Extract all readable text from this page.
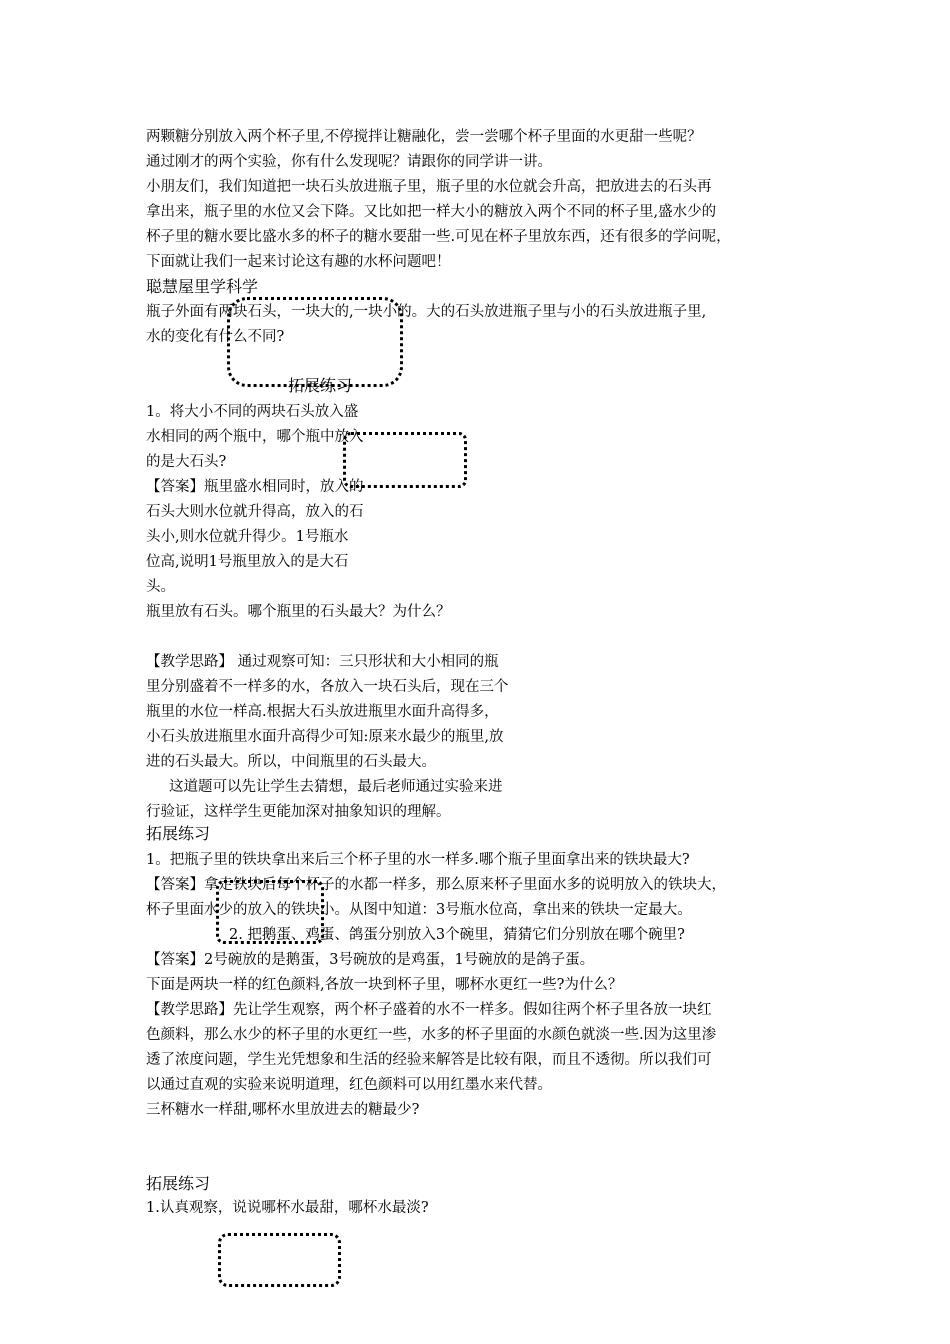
两颗糖分别放入两个杯子里,不停搅拌让糖融化，尝一尝哪个杯子里面的水更甜一些呢？
通过刚才的两个实验，你有什么发现呢？请跟你的同学讲一讲。
小朋友们，我们知道把一块石头放进瓶子里，瓶子里的水位就会升高，把放进去的石头再
拿出来，瓶子里的水位又会下降。又比如把一样大小的糖放入两个不同的杯子里,盛水少的
杯子里的糖水要比盛水多的杯子的糖水要甜一些.可见在杯子里放东西，还有很多的学问呢，
下面就让我们一起来讨论这有趣的水杯问题吧！
聪慧屋里学科学
瓶子外面有两块石头，一块大的,一块小的。大的石头放进瓶子里与小的石头放进瓶子里,
水的变化有什么不同?
拓展练习
1。将大小不同的两块石头放入盛
水相同的两个瓶中，哪个瓶中放入
的是大石头?
【答案】瓶里盛水相同时，放入的
石头大则水位就升得高，放入的石
头小,则水位就升得少。1号瓶水
位高,说明1号瓶里放入的是大石
头。
瓶里放有石头。哪个瓶里的石头最大？为什么？
【教学思路】 通过观察可知：三只形状和大小相同的瓶
里分别盛着不一样多的水，各放入一块石头后，现在三个
瓶里的水位一样高.根据大石头放进瓶里水面升高得多，
小石头放进瓶里水面升高得少可知:原来水最少的瓶里,放
进的石头最大。所以，中间瓶里的石头最大。
这道题可以先让学生去猜想，最后老师通过实验来进
行验证，这样学生更能加深对抽象知识的理解。
拓展练习
1。把瓶子里的铁块拿出来后三个杯子里的水一样多.哪个瓶子里面拿出来的铁块最大?
【答案】拿走铁块后每个杯子的水都一样多，那么原来杯子里面水多的说明放入的铁块大，
杯子里面水少的放入的铁块小。从图中知道：3号瓶水位高，拿出来的铁块一定最大。
2. 把鹅蛋、鸡蛋、鸽蛋分别放入3个碗里，猜猜它们分别放在哪个碗里?
【答案】2号碗放的是鹅蛋，3号碗放的是鸡蛋，1号碗放的是鸽子蛋。
下面是两块一样的红色颜料,各放一块到杯子里，哪杯水更红一些?为什么？
【教学思路】先让学生观察，两个杯子盛着的水不一样多。假如往两个杯子里各放一块红
色颜料，那么水少的杯子里的水更红一些，水多的杯子里面的水颜色就淡一些.因为这里渗
透了浓度问题，学生光凭想象和生活的经验来解答是比较有限，而且不透彻。所以我们可
以通过直观的实验来说明道理，红色颜料可以用红墨水来代替。
三杯糖水一样甜,哪杯水里放进去的糖最少?
拓展练习
1.认真观察，说说哪杯水最甜，哪杯水最淡?
